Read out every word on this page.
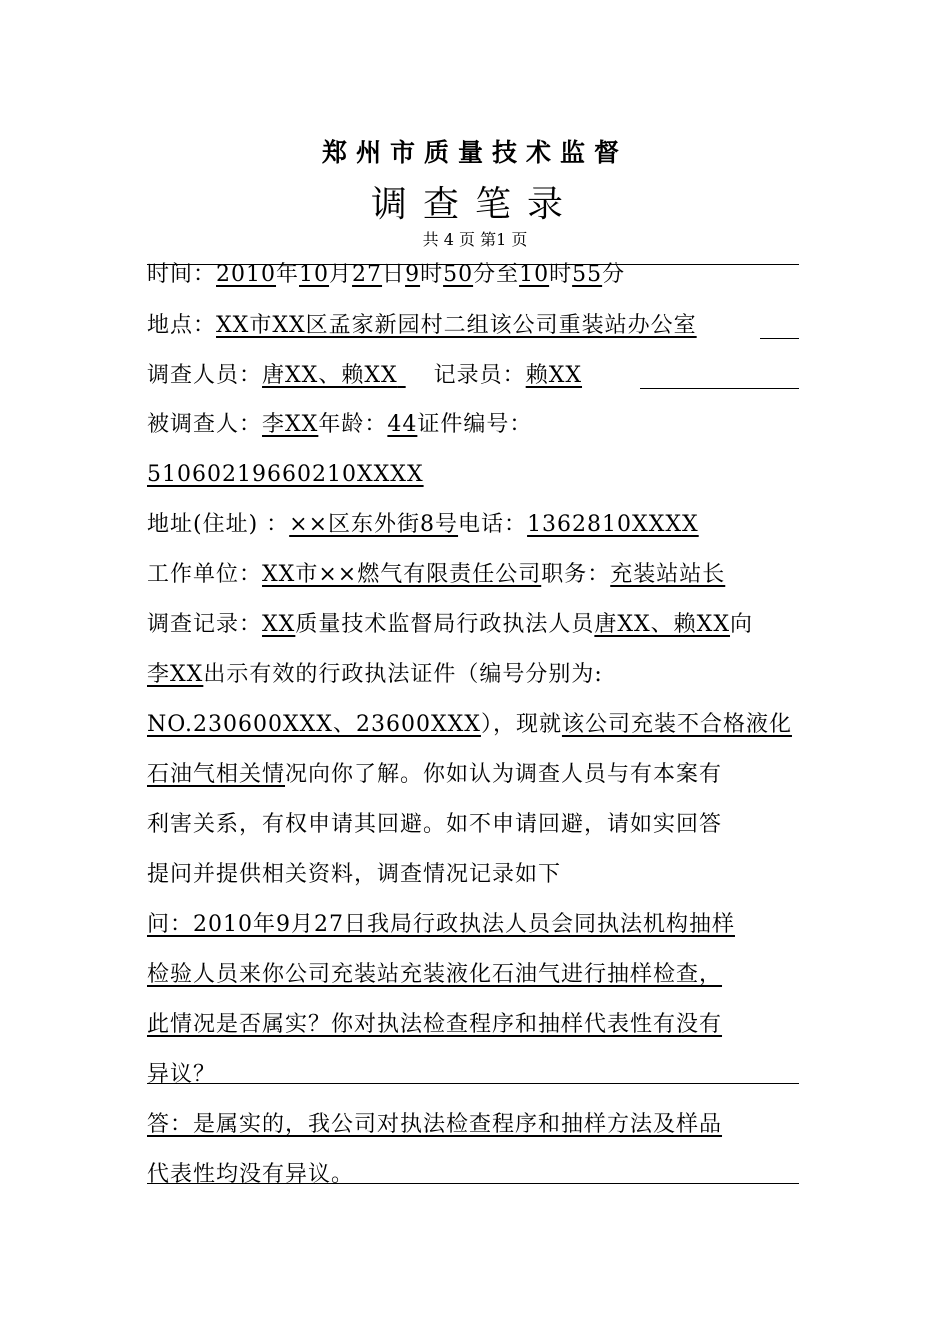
郑州市质量技术监督
调查笔录
共 4 页 第1 页
时间：2010年10月27日9时50分至10时55分
地点：XX市XX区孟家新园村二组该公司重装站办公室
调查人员：唐XX、赖XX 记录员：赖XX
被调查人：李XX年龄：44证件编号：
51060219660210XXXX
地址(住址) ：××区东外街8号电话：1362810XXXX
工作单位：XX市××燃气有限责任公司职务：充装站站长
调查记录：XX质量技术监督局行政执法人员唐XX、赖XX向
李XX出示有效的行政执法证件（编号分别为:
NO.230600XXX、23600XXX），现就该公司充装不合格液化
石油气相关情况向你了解。你如认为调查人员与有本案有
利害关系，有权申请其回避。如不申请回避，请如实回答
提问并提供相关资料，调查情况记录如下
问：2010年9月27日我局行政执法人员会同执法机构抽样
检验人员来你公司充装站充装液化石油气进行抽样检查，
此情况是否属实？你对执法检查程序和抽样代表性有没有
异议？
答：是属实的，我公司对执法检查程序和抽样方法及样品
代表性均没有异议。
